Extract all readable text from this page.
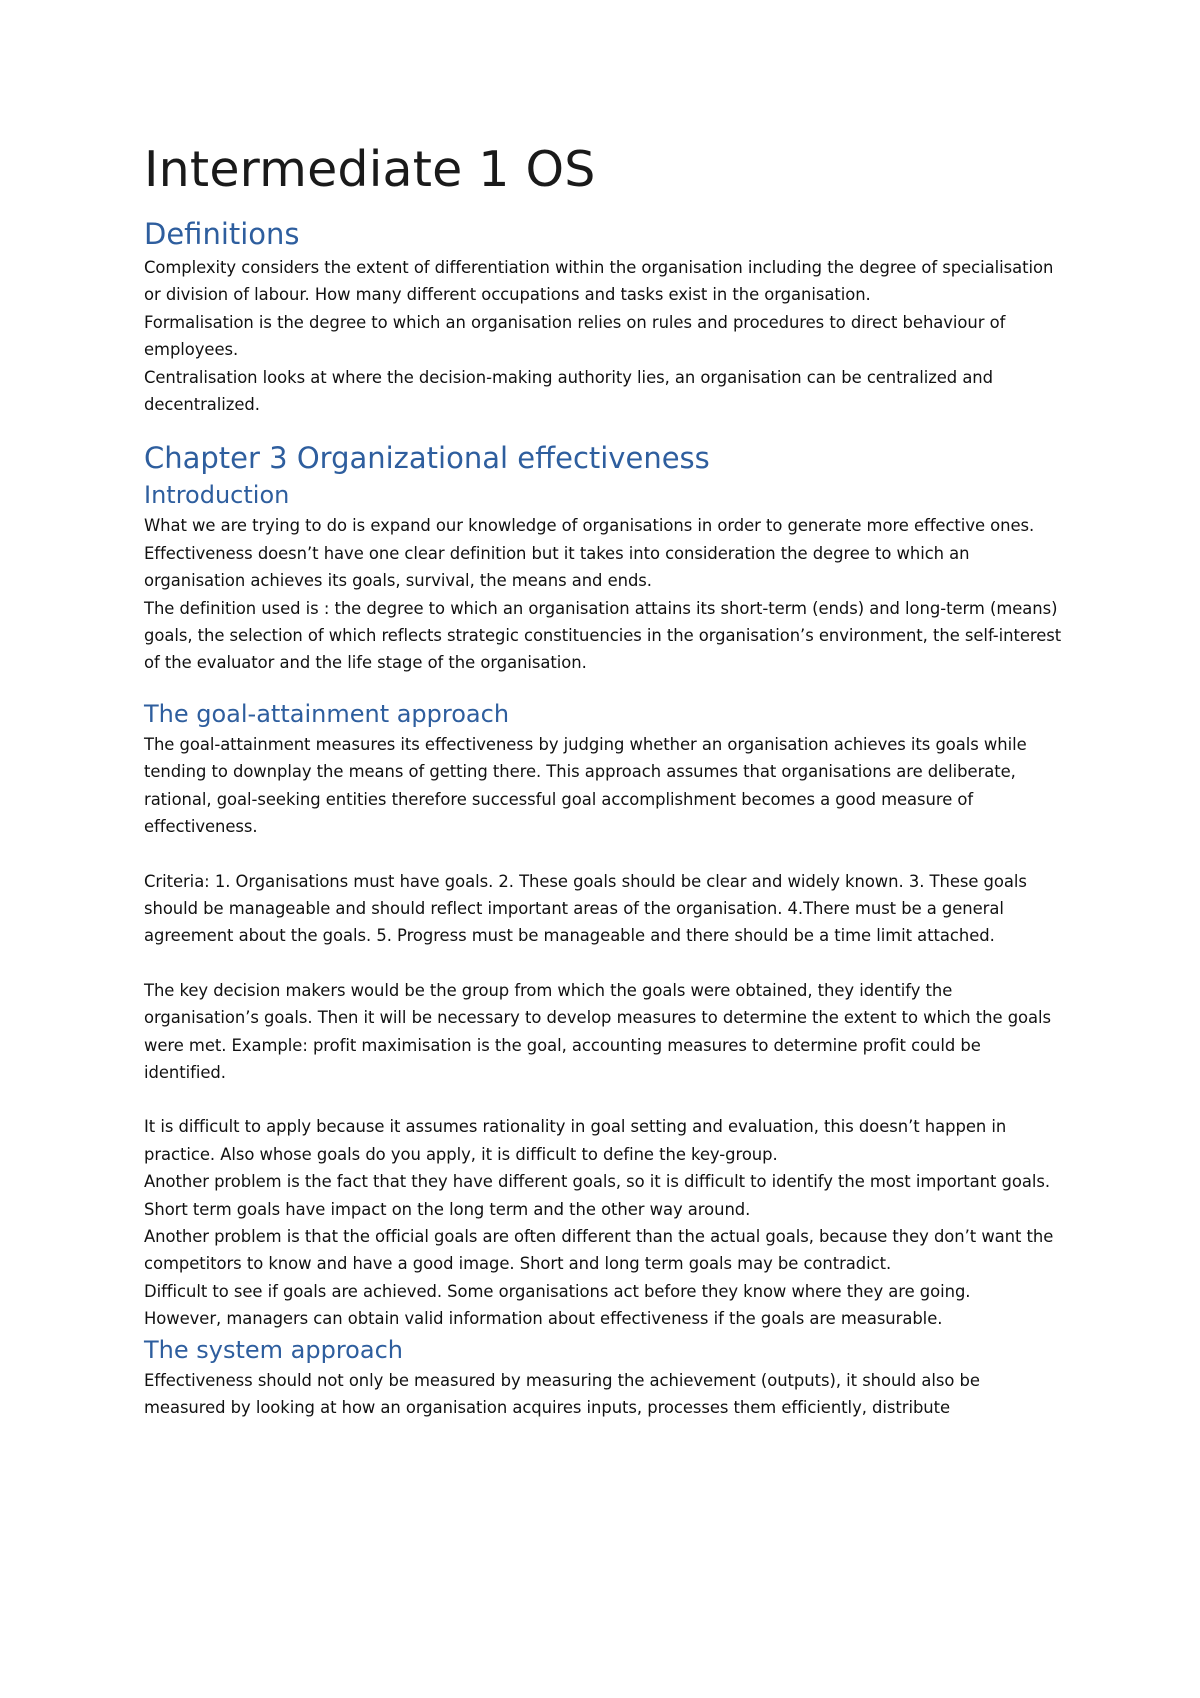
Intermediate 1 OS
Definitions

Complexity considers the extent of differentiation within the organisation including the degree of specialisation or division of labour. How many different occupations and tasks exist in the organisation.

Formalisation is the degree to which an organisation relies on rules and procedures to direct behaviour of employees.

Centralisation looks at where the decision-making authority lies, an organisation can be centralized and decentralized.

Chapter 3 Organizational effectiveness
Introduction

What we are trying to do is expand our knowledge of organisations in order to generate more effective ones.

Effectiveness doesn’t have one clear definition but it takes into consideration the degree to which an organisation achieves its goals, survival, the means and ends.

The definition used is : the degree to which an organisation attains its short-term (ends) and long-term (means) goals, the selection of which reflects strategic constituencies in the organisation’s environment, the self-interest of the evaluator and the life stage of the organisation.

The goal-attainment approach

The goal-attainment measures its effectiveness by judging whether an organisation achieves its goals while tending to downplay the means of getting there. This approach assumes that organisations are deliberate, rational, goal-seeking entities therefore successful goal accomplishment becomes a good measure of effectiveness.

Criteria: 1. Organisations must have goals. 2. These goals should be clear and widely known. 3. These goals should be manageable and should reflect important areas of the organisation. 4.There must be a general agreement about the goals. 5. Progress must be manageable and there should be a time limit attached.

The key decision makers would be the group from which the goals were obtained, they identify the organisation’s goals. Then it will be necessary to develop measures to determine the extent to which the goals were met. Example: profit maximisation is the goal, accounting measures to determine profit could be identified.

It is difficult to apply because it assumes rationality in goal setting and evaluation, this doesn’t happen in practice. Also whose goals do you apply, it is difficult to define the key-group.

Another problem is the fact that they have different goals, so it is difficult to identify the most important goals. Short term goals have impact on the long term and the other way around.

Another problem is that the official goals are often different than the actual goals, because they don’t want the competitors to know and have a good image. Short and long term goals may be contradict.

Difficult to see if goals are achieved. Some organisations act before they know where they are going.

However, managers can obtain valid information about effectiveness if the goals are measurable.

The system approach

Effectiveness should not only be measured by measuring the achievement (outputs), it should also be measured by looking at how an organisation acquires inputs, processes them efficiently, distribute
